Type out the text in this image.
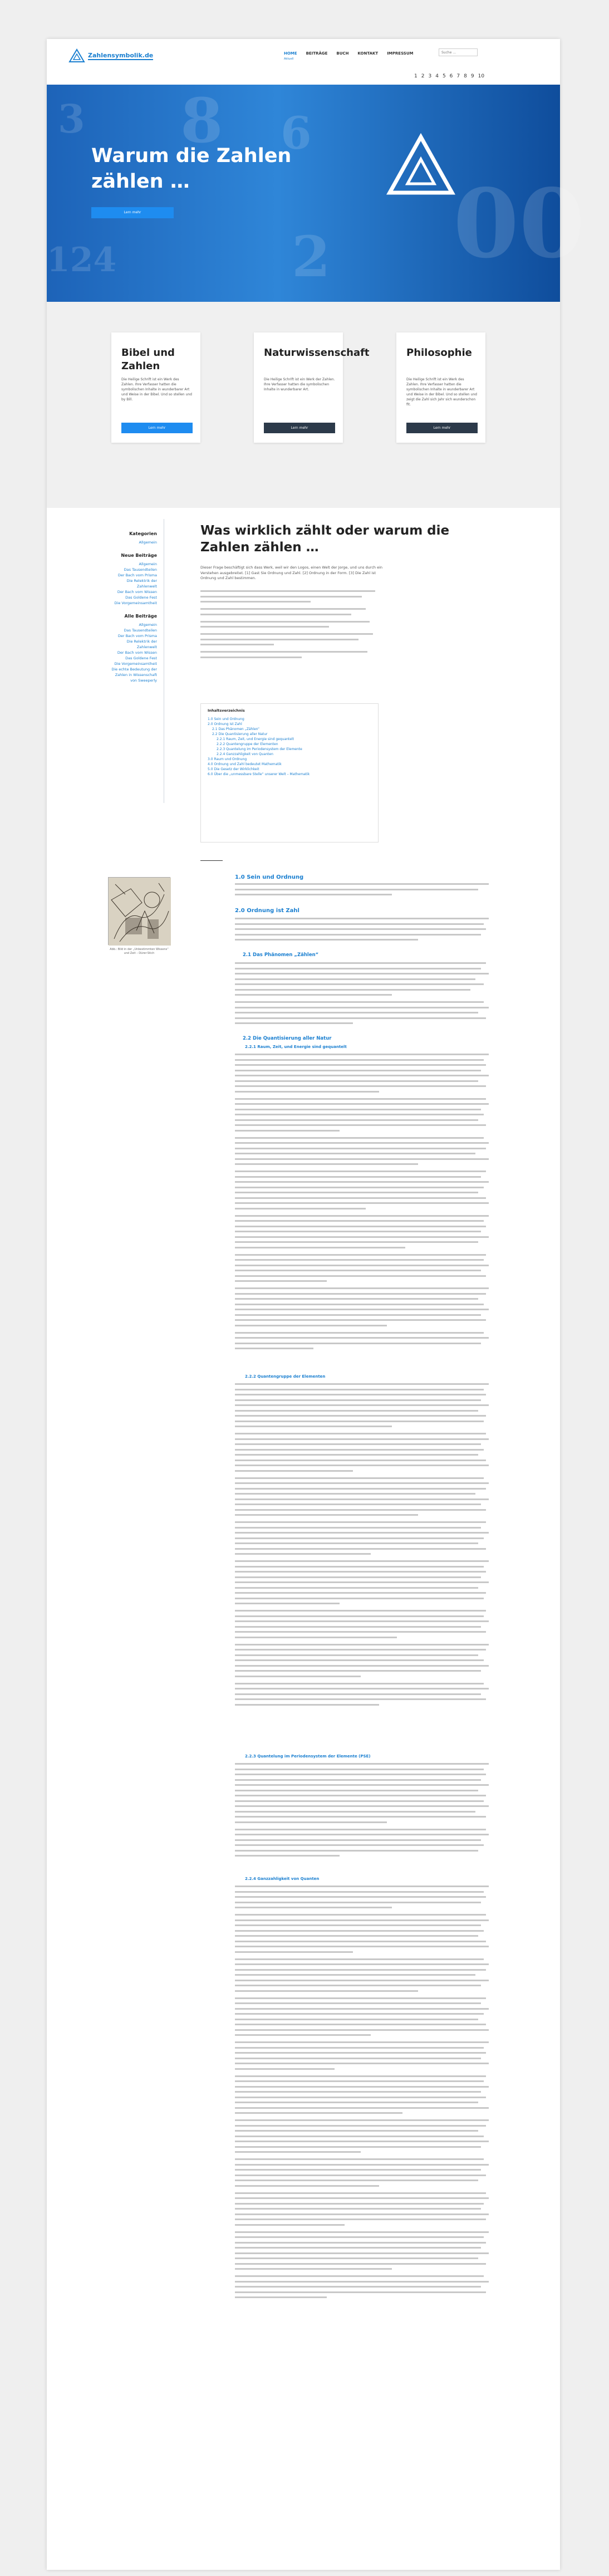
Zahlensymbolik.de	HOME BEITRÄGE BUCH KONTAKT IMPRESSUM
Aktuell
Suche ...
1 2 3 4 5 6 7 8 9 10
3 8 6
00
124	2
Warum die Zahlen zählen …
Lern mehr
Bibel und Zahlen

Die Heilige Schrift ist ein Werk des Zahlen. Ihre Verfasser hatten die symbolischen Inhalte in wunderbarer Art und Weise in der Bibel. Und so stellen und by Bill.

Lern mehr
Naturwissenschaft

Die Heilige Schrift ist ein Werk der Zahlen. Ihre Verfasser hatten die symbolischen Inhalte in wunderbarer Art.

Lern mehr
Philosophie

Die Heilige Schrift ist ein Werk des Zahlen. Ihre Verfasser hatten die symbolischen Inhalte in wunderbarer Art und Weise in der Bibel. Und so stellen und zeigt die Zahl sich Jahr sich wunderschon fit.

Lern mehr
Kategorien
Allgemein
Neue Beiträge
Allgemein
Das Tausendteilen
Der Bach vom Prisma
Die Relektrik der Zahlenwelt
Der Bach vom Wissen
Das Goldene Fest
Die Vorgemeinsamtheit
Alle Beiträge
Allgemein
Das Tausendteilen
Der Bach vom Prisma
Die Relektrik der Zahlenwelt
Der Bach vom Wissen
Das Goldene Fest
Die Vorgemeinsamtheit
Die echte Bedeutung der Zahlen in Wissenschaft
von Sweeperly
Was wirklich zählt oder warum die Zahlen zählen …
Dieser Frage beschäftigt sich dass Werk, weil wir den Logos, einen Welt der Jorge, und uns durch ein Verstehen ausgebreitet. [1] Gast Sie Ordnung und Zahl. [2] Ordnung in der Form. [3] Die Zahl ist Ordnung und Zahl bestimmen.
Inhaltsverzeichnis
1.0 Sein und Ordnung
2.0 Ordnung ist Zahl
2.1 Das Phänomen „Zählen“
2.2 Die Quantisierung aller Natur
2.2.1 Raum, Zeit, und Energie sind gequantelt
2.2.2 Quantengruppe der Elementen
2.2.3 Quantelung im Periodensystem der Elemente
2.2.4 Ganzzahligkeit von Quanten
3.0 Raum und Ordnung
4.0 Ordnung und Zahl bedeutet Mathematik
5.0 Die Gesetz der Wirklichkeit
6.0 Über die „unmessbare Stelle“ unserer Welt – Mathematik
Abb.: Bild in der „Unbestimmten Wissens“ und Zeit – Dürer-Stich
1.0 Sein und Ordnung
2.0 Ordnung ist Zahl
2.1 Das Phänomen „Zählen“
2.2 Die Quantisierung aller Natur
2.2.1 Raum, Zeit, und Energie sind gequantelt
2.2.2 Quantengruppe der Elementen
2.2.3 Quantelung im Periodensystem der Elemente (PSE)
2.2.4 Ganzzahligkeit von Quanten
